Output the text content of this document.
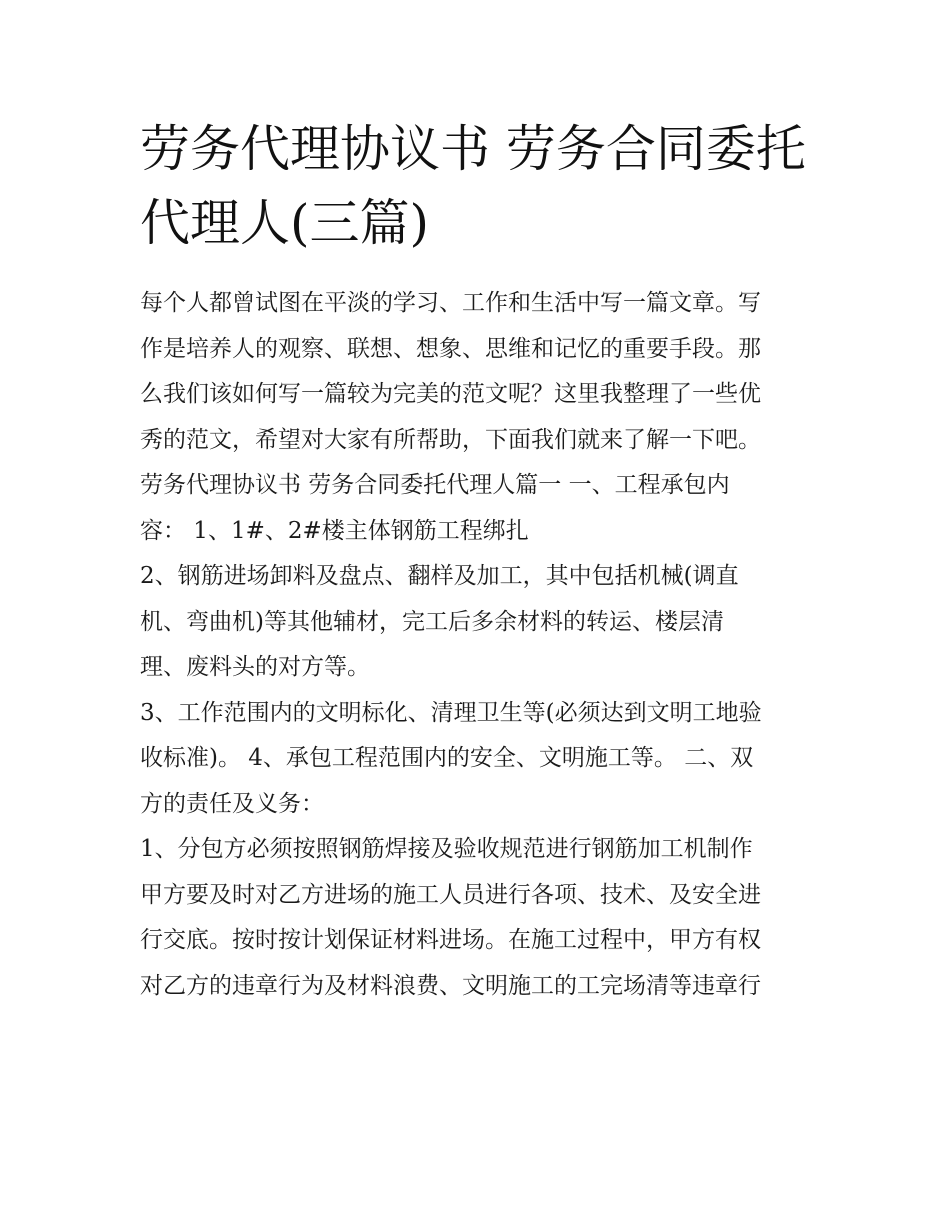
劳务代理协议书 劳务合同委托
代理人(三篇)
每个人都曾试图在平淡的学习、工作和生活中写一篇文章。写
作是培养人的观察、联想、想象、思维和记忆的重要手段。那
么我们该如何写一篇较为完美的范文呢？这里我整理了一些优
秀的范文，希望对大家有所帮助，下面我们就来了解一下吧。
劳务代理协议书 劳务合同委托代理人篇一 一、工程承包内
容： 1、1#、2#楼主体钢筋工程绑扎
2、钢筋进场卸料及盘点、翻样及加工，其中包括机械(调直
机、弯曲机)等其他辅材，完工后多余材料的转运、楼层清
理、废料头的对方等。
3、工作范围内的文明标化、清理卫生等(必须达到文明工地验
收标准)。 4、承包工程范围内的安全、文明施工等。 二、双
方的责任及义务：
1、分包方必须按照钢筋焊接及验收规范进行钢筋加工机制作
甲方要及时对乙方进场的施工人员进行各项、技术、及安全进
行交底。按时按计划保证材料进场。在施工过程中，甲方有权
对乙方的违章行为及材料浪费、文明施工的工完场清等违章行
